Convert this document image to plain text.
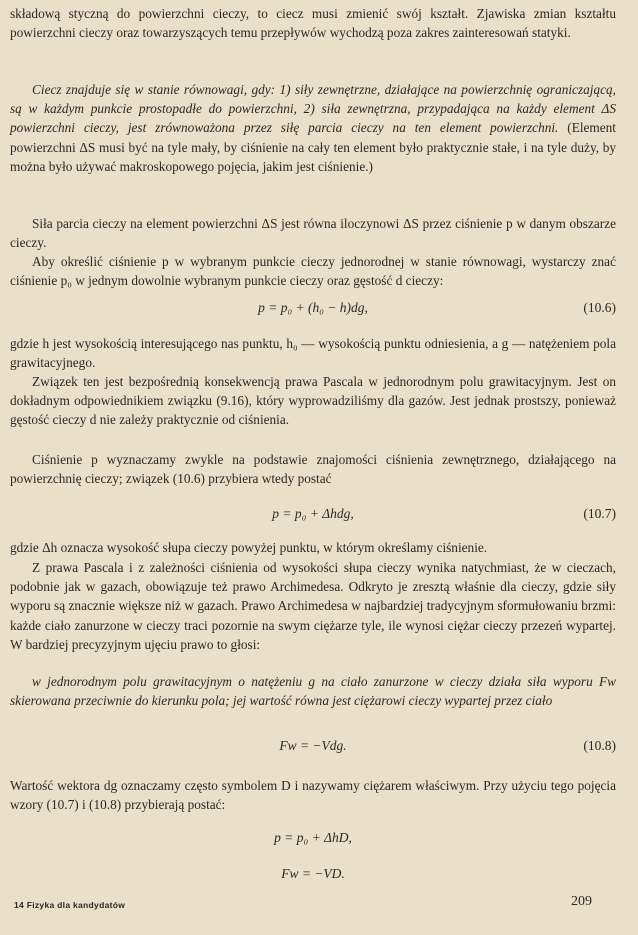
składową styczną do powierzchni cieczy, to ciecz musi zmienić swój kształt. Zjawiska zmian kształtu powierzchni cieczy oraz towarzyszących temu przepływów wychodzą poza zakres zainteresowań statyki.

Ciecz znajduje się w stanie równowagi, gdy: 1) siły zewnętrzne, działające na powierzchnię ograniczającą, są w każdym punkcie prostopadłe do powierzchni, 2) siła zewnętrzna, przypadająca na każdy element ΔS powierzchni cieczy, jest zrównoważona przez siłę parcia cieczy na ten element powierzchni. (Element powierzchni ΔS musi być na tyle mały, by ciśnienie na cały ten element było praktycznie stałe, i na tyle duży, by można było używać makroskopowego pojęcia, jakim jest ciśnienie.)

Siła parcia cieczy na element powierzchni ΔS jest równa iloczynowi ΔS przez ciśnienie p w danym obszarze cieczy.

Aby określić ciśnienie p w wybranym punkcie cieczy jednorodnej w stanie równowagi, wystarczy znać ciśnienie p₀ w jednym dowolnie wybranym punkcie cieczy oraz gęstość d cieczy:

p = p₀ + (h₀ − h)dg,	(10.6)

gdzie h jest wysokością interesującego nas punktu, h₀ — wysokością punktu odniesienia, a g — natężeniem pola grawitacyjnego.

Związek ten jest bezpośrednią konsekwencją prawa Pascala w jednorodnym polu grawitacyjnym. Jest on dokładnym odpowiednikiem związku (9.16), który wyprowadziliśmy dla gazów. Jest jednak prostszy, ponieważ gęstość cieczy d nie zależy praktycznie od ciśnienia.

Ciśnienie p wyznaczamy zwykle na podstawie znajomości ciśnienia zewnętrznego, działającego na powierzchnię cieczy; związek (10.6) przybiera wtedy postać

p = p₀ + Δhdg,	(10.7)

gdzie Δh oznacza wysokość słupa cieczy powyżej punktu, w którym określamy ciśnienie.

Z prawa Pascala i z zależności ciśnienia od wysokości słupa cieczy wynika natychmiast, że w cieczach, podobnie jak w gazach, obowiązuje też prawo Archimedesa. Odkryto je zresztą właśnie dla cieczy, gdzie siły wyporu są znacznie większe niż w gazach. Prawo Archimedesa w najbardziej tradycyjnym sformułowaniu brzmi: każde ciało zanurzone w cieczy traci pozornie na swym ciężarze tyle, ile wynosi ciężar cieczy przezeń wypartej. W bardziej precyzyjnym ujęciu prawo to głosi:

w jednorodnym polu grawitacyjnym o natężeniu g na ciało zanurzone w cieczy działa siła wyporu Fw skierowana przeciwnie do kierunku pola; jej wartość równa jest ciężarowi cieczy wypartej przez ciało

Fw = −Vdg.	(10.8)

Wartość wektora dg oznaczamy często symbolem D i nazywamy ciężarem właściwym. Przy użyciu tego pojęcia wzory (10.7) i (10.8) przybierają postać:

p = p₀ + ΔhD,
Fw = −VD.
14 Fizyka dla kandydatów	209
